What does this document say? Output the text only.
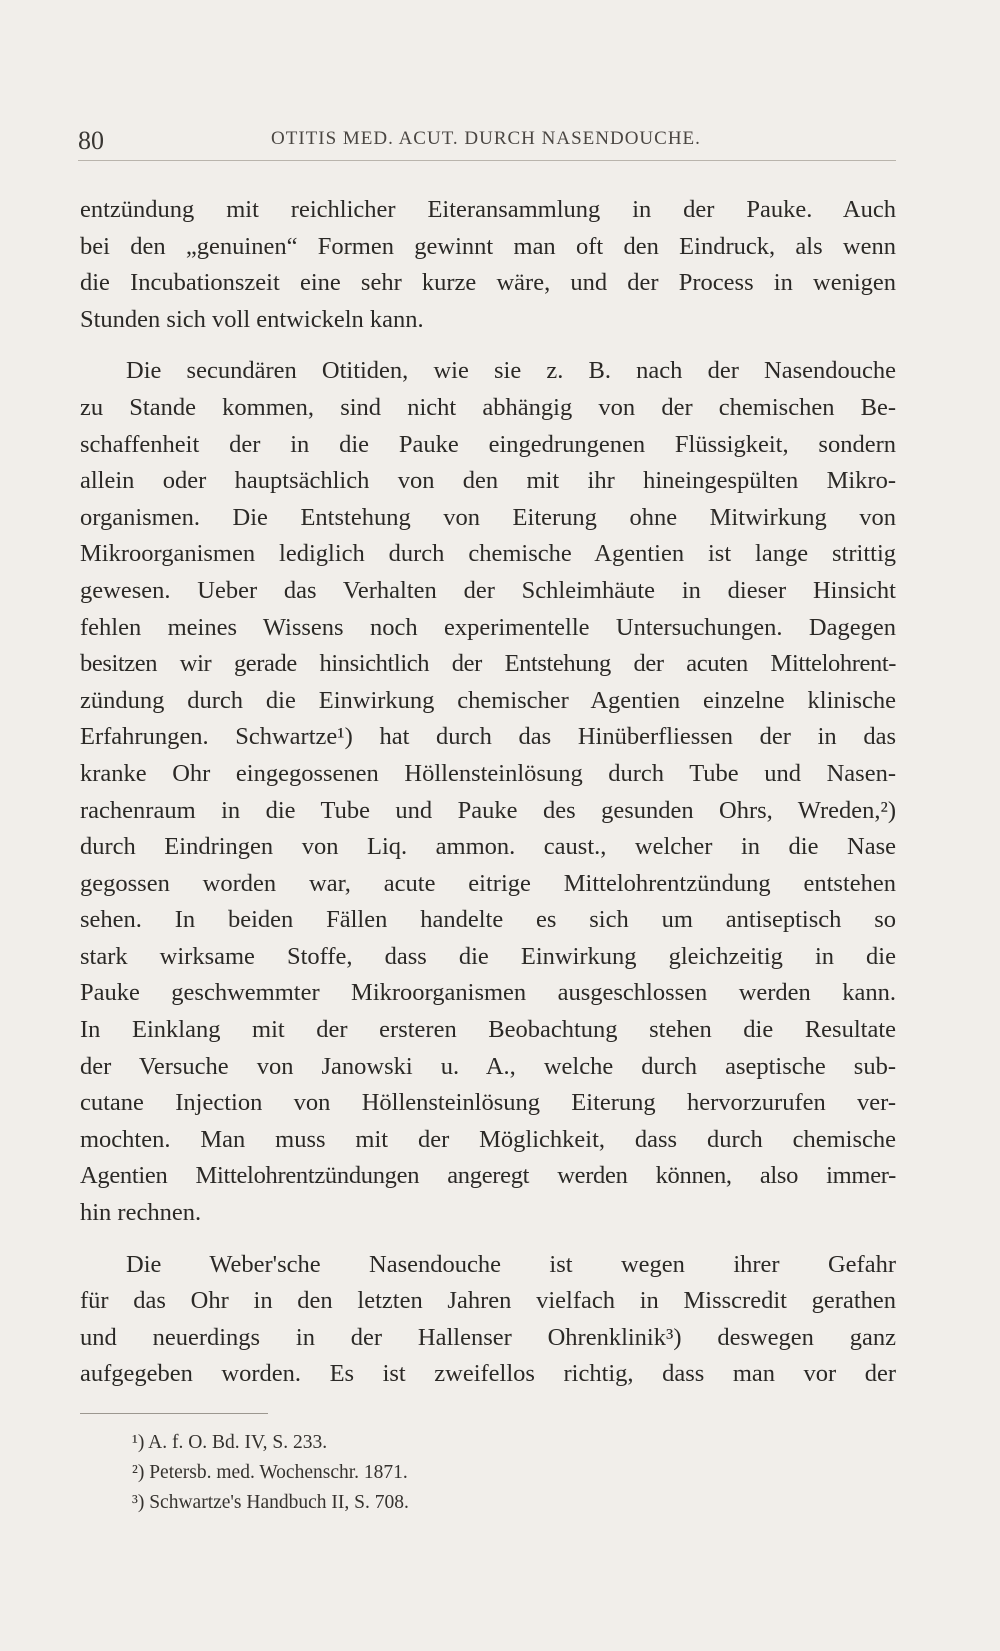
80	OTITIS MED. ACUT. DURCH NASENDOUCHE.
entzündung mit reichlicher Eiteransammlung in der Pauke. Auch
bei den „genuinen“ Formen gewinnt man oft den Eindruck, als wenn
die Incubationszeit eine sehr kurze wäre, und der Process in wenigen
Stunden sich voll entwickeln kann.
Die secundären Otitiden, wie sie z. B. nach der Nasendouche
zu Stande kommen, sind nicht abhängig von der chemischen Be-
schaffenheit der in die Pauke eingedrungenen Flüssigkeit, sondern
allein oder hauptsächlich von den mit ihr hineingespülten Mikro-
organismen. Die Entstehung von Eiterung ohne Mitwirkung von
Mikroorganismen lediglich durch chemische Agentien ist lange strittig
gewesen. Ueber das Verhalten der Schleimhäute in dieser Hinsicht
fehlen meines Wissens noch experimentelle Untersuchungen. Dagegen
besitzen wir gerade hinsichtlich der Entstehung der acuten Mittelohrent-
zündung durch die Einwirkung chemischer Agentien einzelne klinische
Erfahrungen. Schwartze¹) hat durch das Hinüberfliessen der in das
kranke Ohr eingegossenen Höllensteinlösung durch Tube und Nasen-
rachenraum in die Tube und Pauke des gesunden Ohrs, Wreden,²)
durch Eindringen von Liq. ammon. caust., welcher in die Nase
gegossen worden war, acute eitrige Mittelohrentzündung entstehen
sehen. In beiden Fällen handelte es sich um antiseptisch so
stark wirksame Stoffe, dass die Einwirkung gleichzeitig in die
Pauke geschwemmter Mikroorganismen ausgeschlossen werden kann.
In Einklang mit der ersteren Beobachtung stehen die Resultate
der Versuche von Janowski u. A., welche durch aseptische sub-
cutane Injection von Höllensteinlösung Eiterung hervorzurufen ver-
mochten. Man muss mit der Möglichkeit, dass durch chemische
Agentien Mittelohrentzündungen angeregt werden können, also immer-
hin rechnen.
Die Weber'sche Nasendouche ist wegen ihrer Gefahr
für das Ohr in den letzten Jahren vielfach in Misscredit gerathen
und neuerdings in der Hallenser Ohrenklinik³) deswegen ganz
aufgegeben worden. Es ist zweifellos richtig, dass man vor der
¹) A. f. O. Bd. IV, S. 233.
²) Petersb. med. Wochenschr. 1871.
³) Schwartze's Handbuch II, S. 708.
